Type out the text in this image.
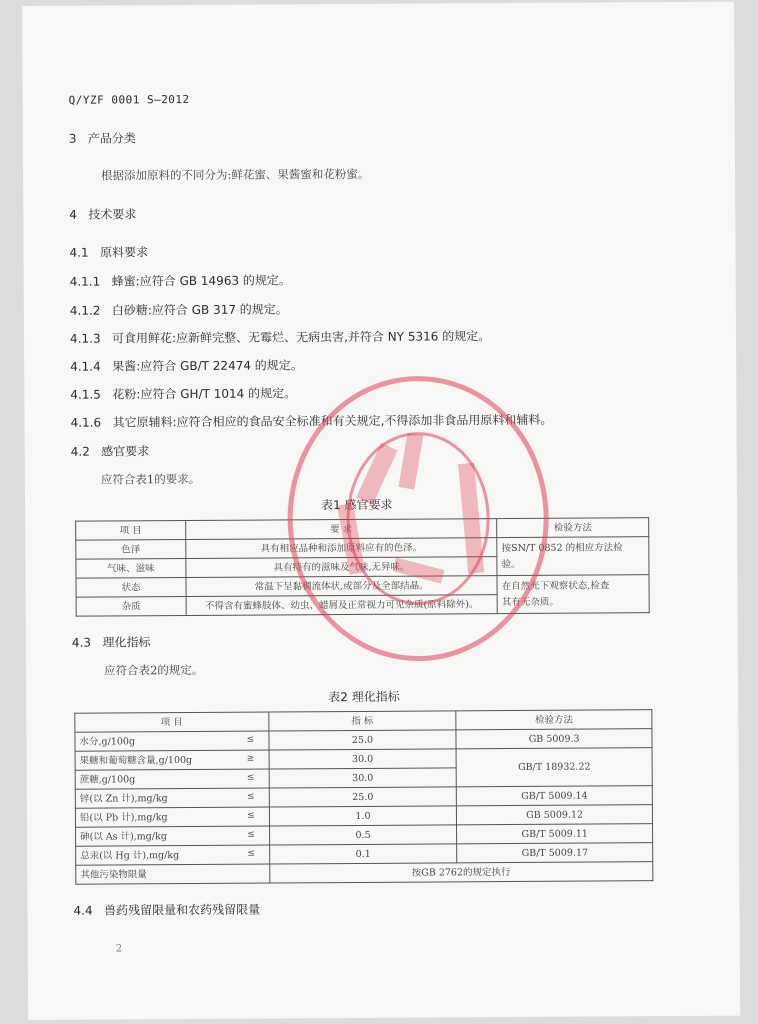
Q/YZF 0001 S—2012
3 产品分类
根据添加原料的不同分为:鲜花蜜、果酱蜜和花粉蜜。
4 技术要求
4.1 原料要求
4.1.1 蜂蜜:应符合 GB 14963 的规定。
4.1.2 白砂糖:应符合 GB 317 的规定。
4.1.3 可食用鲜花:应新鲜完整、无霉烂、无病虫害,并符合 NY 5316 的规定。
4.1.4 果酱:应符合 GB/T 22474 的规定。
4.1.5 花粉:应符合 GH/T 1014 的规定。
4.1.6 其它原辅料:应符合相应的食品安全标准和有关规定,不得添加非食品用原料和辅料。
4.2 感官要求
应符合表1的要求。
表1 感官要求
项 目	要 求	检验方法
色泽	具有相应品种和添加原料应有的色泽。	按SN/T 0852 的相应方法检
验。

气味、滋味	具有特有的滋味及气味,无异味。	
状态	常温下呈黏稠流体状,或部分及全部结晶。	在自然光下观察状态,检查
其有无杂质。

杂质	不得含有蜜蜂肢体、幼虫、蜡屑及正常视力可见杂质(原料除外)。	
4.3 理化指标
应符合表2的规定。
表2 理化指标
项 目	指 标	检验方法
水分,g/100g ≤	25.0	GB 5009.3
果糖和葡萄糖含量,g/100g ≥	30.0	GB/T 18932.22
蔗糖,g/100g ≤	30.0	
锌(以 Zn 计),mg/kg ≤	25.0	GB/T 5009.14
铅(以 Pb 计),mg/kg ≤	1.0	GB 5009.12
砷(以 As 计),mg/kg ≤	0.5	GB/T 5009.11
总汞(以 Hg 计),mg/kg ≤	0.1	GB/T 5009.17
其他污染物限量	按GB 2762的规定执行	
4.4 兽药残留限量和农药残留限量
2
